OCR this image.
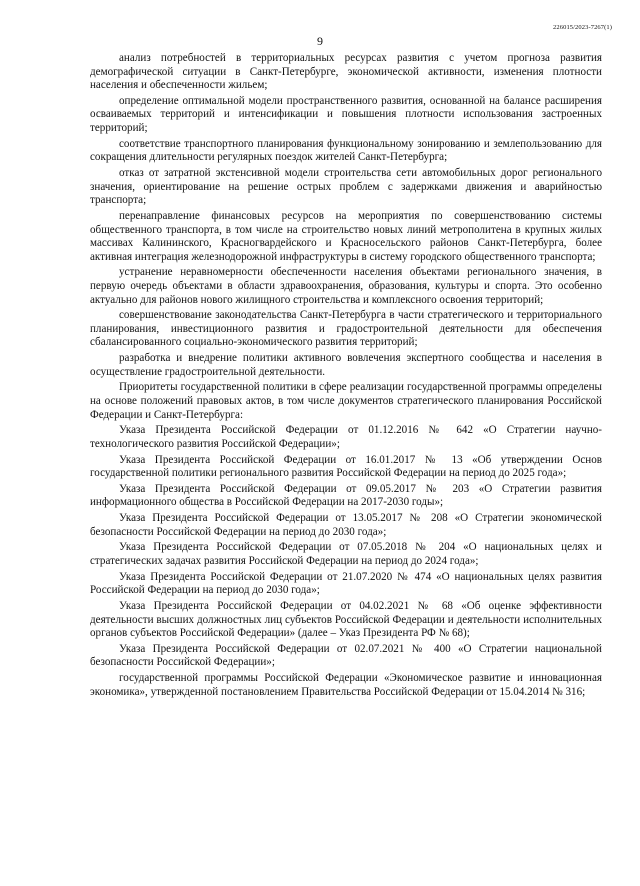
226015/2023-7267(1)
9

анализ потребностей в территориальных ресурсах развития с учетом прогноза развития демографической ситуации в Санкт-Петербурге, экономической активности, изменения плотности населения и обеспеченности жильем;

определение оптимальной модели пространственного развития, основанной на балансе расширения осваиваемых территорий и интенсификации и повышения плотности использования застроенных территорий;

соответствие транспортного планирования функциональному зонированию и землепользованию для сокращения длительности регулярных поездок жителей Санкт-Петербурга;

отказ от затратной экстенсивной модели строительства сети автомобильных дорог регионального значения, ориентирование на решение острых проблем с задержками движения и аварийностью транспорта;

перенаправление финансовых ресурсов на мероприятия по совершенствованию системы общественного транспорта, в том числе на строительство новых линий метрополитена в крупных жилых массивах Калининского, Красногвардейского и Красносельского районов Санкт-Петербурга, более активная интеграция железнодорожной инфраструктуры в систему городского общественного транспорта;

устранение неравномерности обеспеченности населения объектами регионального значения, в первую очередь объектами в области здравоохранения, образования, культуры и спорта. Это особенно актуально для районов нового жилищного строительства и комплексного освоения территорий;

совершенствование законодательства Санкт-Петербурга в части стратегического и территориального планирования, инвестиционного развития и градостроительной деятельности для обеспечения сбалансированного социально-экономического развития территорий;

разработка и внедрение политики активного вовлечения экспертного сообщества и населения в осуществление градостроительной деятельности.

Приоритеты государственной политики в сфере реализации государственной программы определены на основе положений правовых актов, в том числе документов стратегического планирования Российской Федерации и Санкт-Петербурга:

Указа Президента Российской Федерации от 01.12.2016 № 642 «О Стратегии научно-технологического развития Российской Федерации»;

Указа Президента Российской Федерации от 16.01.2017 № 13 «Об утверждении Основ государственной политики регионального развития Российской Федерации на период до 2025 года»;

Указа Президента Российской Федерации от 09.05.2017 № 203 «О Стратегии развития информационного общества в Российской Федерации на 2017-2030 годы»;

Указа Президента Российской Федерации от 13.05.2017 № 208 «О Стратегии экономической безопасности Российской Федерации на период до 2030 года»;

Указа Президента Российской Федерации от 07.05.2018 № 204 «О национальных целях и стратегических задачах развития Российской Федерации на период до 2024 года»;

Указа Президента Российской Федерации от 21.07.2020 № 474 «О национальных целях развития Российской Федерации на период до 2030 года»;

Указа Президента Российской Федерации от 04.02.2021 № 68 «Об оценке эффективности деятельности высших должностных лиц субъектов Российской Федерации и деятельности исполнительных органов субъектов Российской Федерации» (далее – Указ Президента РФ № 68);

Указа Президента Российской Федерации от 02.07.2021 № 400 «О Стратегии национальной безопасности Российской Федерации»;

государственной программы Российской Федерации «Экономическое развитие и инновационная экономика», утвержденной постановлением Правительства Российской Федерации от 15.04.2014 № 316;
